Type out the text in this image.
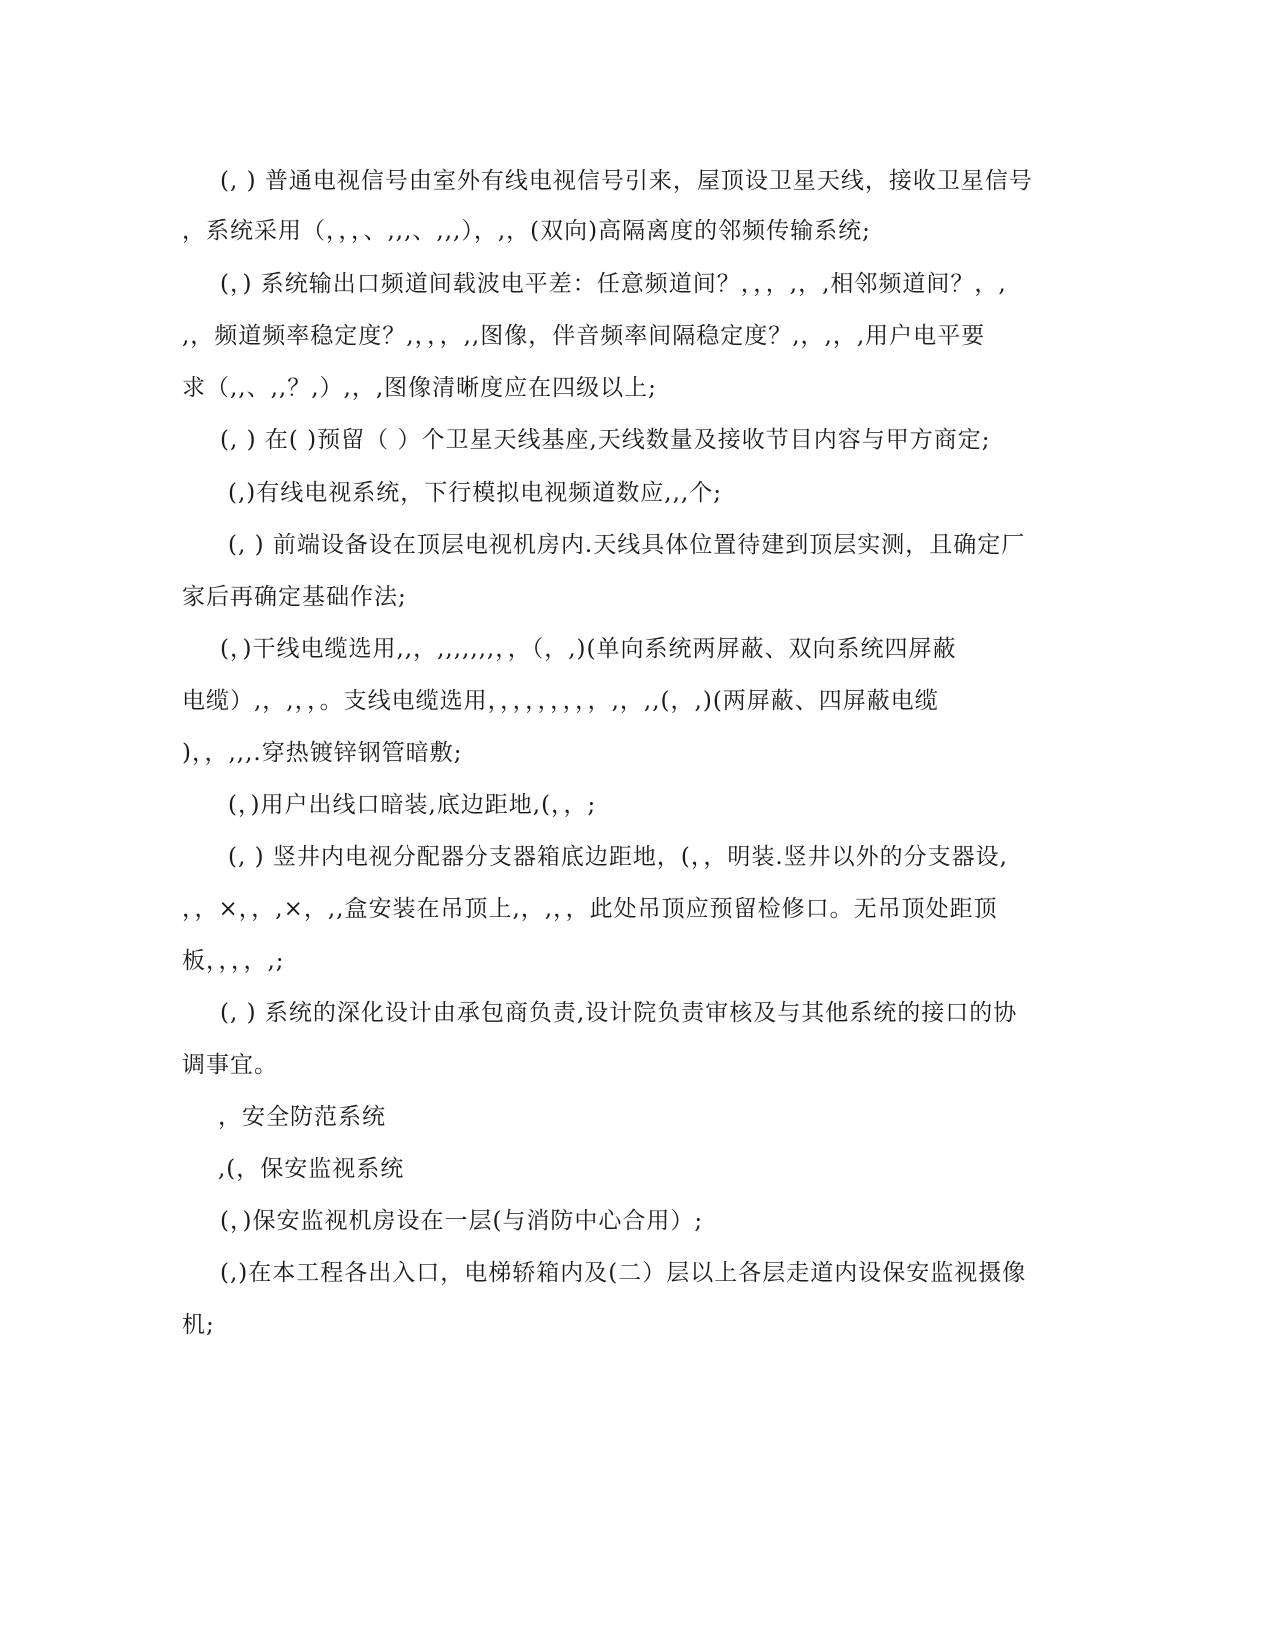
(, ) 普通电视信号由室外有线电视信号引来，屋顶设卫星天线，接收卫星信号
，系统采用（，，，、,,,、,,,），,，(双向)高隔离度的邻频传输系统;
(，) 系统输出口频道间载波电平差：任意频道间？，，，,，,相邻频道间？，,
,，频道频率稳定度？,，，，,,图像，伴音频率间隔稳定度？,，,，,用户电平要
求（,,、,,？,）,，,图像清晰度应在四级以上;
(, ) 在( )预留（ ）个卫星天线基座,天线数量及接收节目内容与甲方商定;
(,)有线电视系统，下行模拟电视频道数应,,,个;
(, ) 前端设备设在顶层电视机房内.天线具体位置待建到顶层实测，且确定厂
家后再确定基础作法;
(，)干线电缆选用,,，,,,,,,,，，（，,)(单向系统两屏蔽、双向系统四屏蔽
电缆）,，,，，。支线电缆选用，，，，，，，，，,，,,(，,)(两屏蔽、四屏蔽电缆
)，，,,,.穿热镀锌钢管暗敷;
(，)用户出线口暗装,底边距地,(，，;
(, ) 竖井内电视分配器分支器箱底边距地，(，，明装.竖井以外的分支器设,
，，×，，,×，,,盒安装在吊顶上,，,，，此处吊顶应预留检修口。无吊顶处距顶
板，，，，,;
(, ) 系统的深化设计由承包商负责,设计院负责审核及与其他系统的接口的协
调事宜。
，安全防范系统
,(，保安监视系统
(，)保安监视机房设在一层(与消防中心合用）;
(,)在本工程各出入口，电梯轿箱内及(二）层以上各层走道内设保安监视摄像
机;
